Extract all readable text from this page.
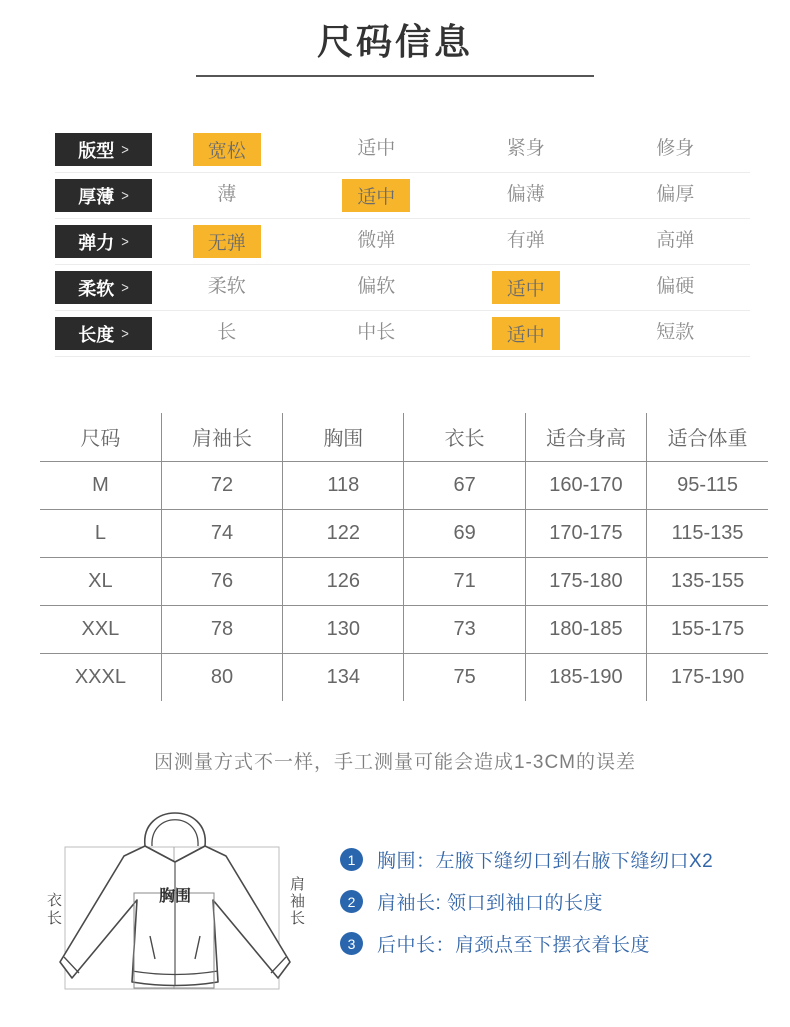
尺码信息
版型 >	宽松	适中	紧身	修身
厚薄 >	薄	适中	偏薄	偏厚
弹力 >	无弹	微弹	有弹	高弹
柔软 >	柔软	偏软	适中	偏硬
长度 >	长	中长	适中	短款
尺码	肩袖长	胸围	衣长	适合身高	适合体重
M	72	118	67	160-170	95-115
L	74	122	69	170-175	115-135
XL	76	126	71	175-180	135-155
XXL	78	130	73	180-185	155-175
XXXL	80	134	75	185-190	175-190
因测量方式不一样，手工测量可能会造成1-3CM的误差
衣长	胸围	肩袖长
1	胸围：左腋下缝纫口到右腋下缝纫口X2
2	肩袖长: 领口到袖口的长度
3	后中长：肩颈点至下摆衣着长度
